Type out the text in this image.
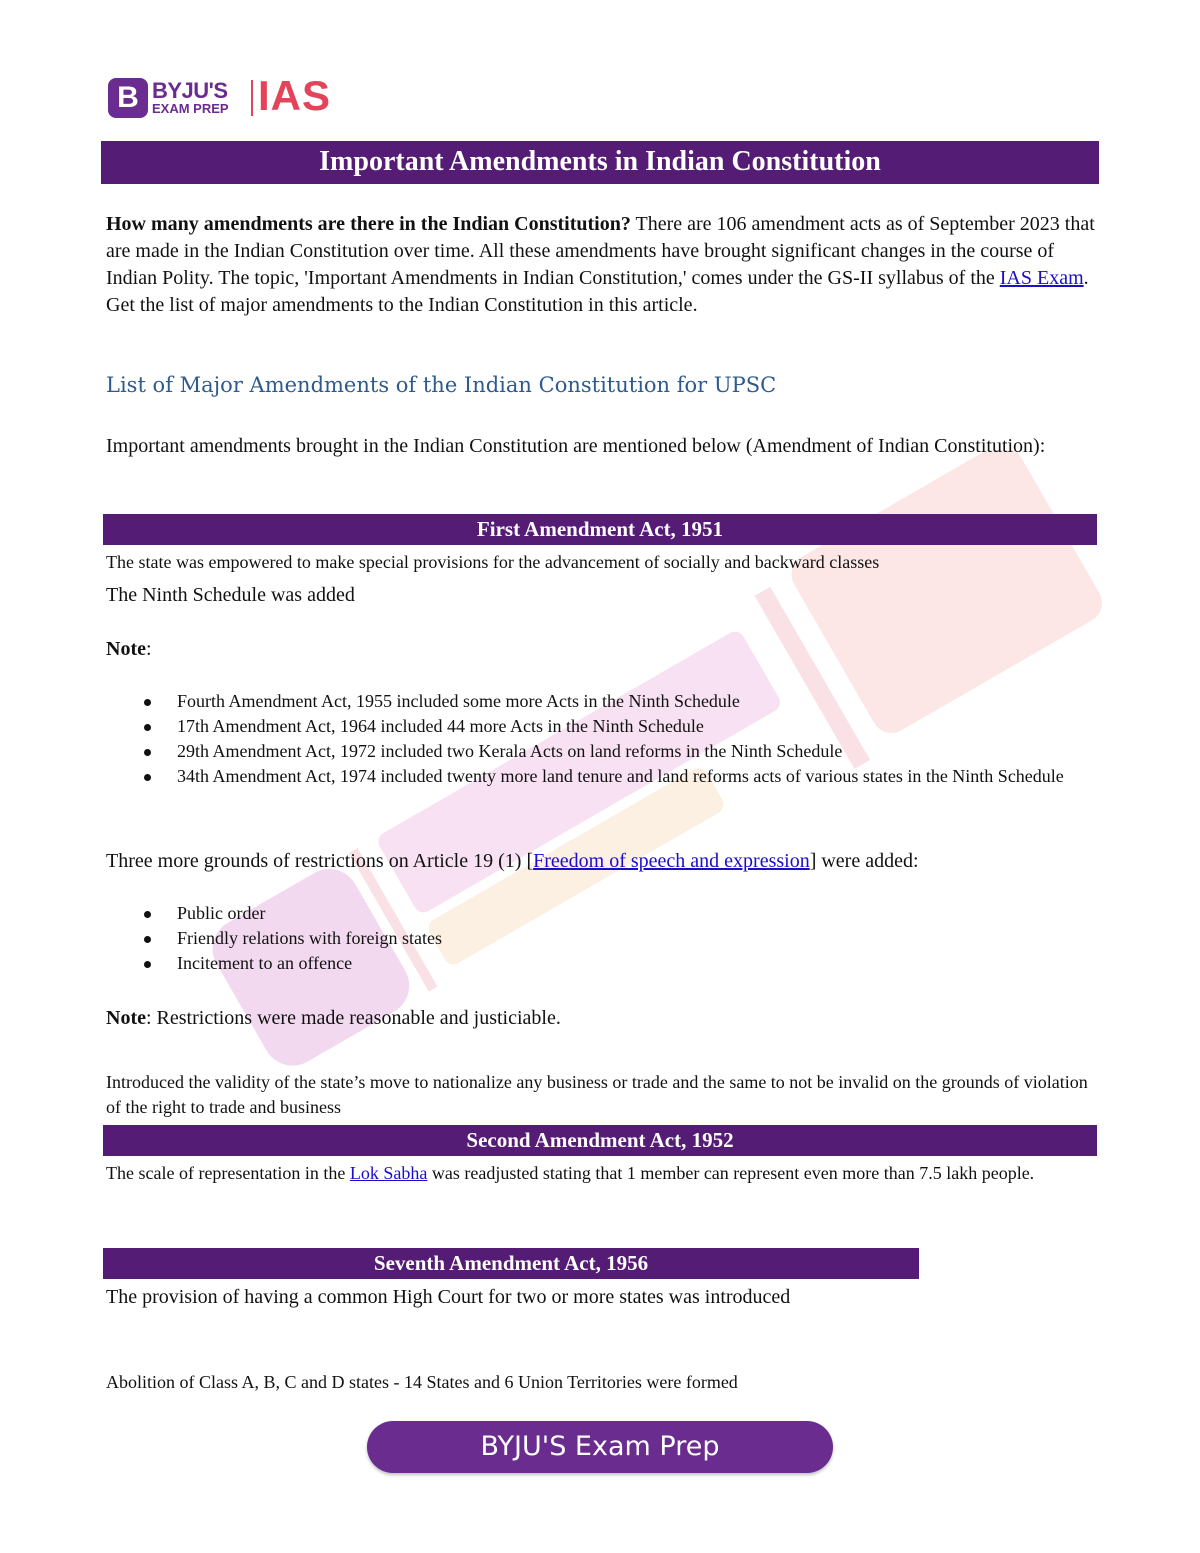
B BYJU'S
EXAM PREP IAS
Important Amendments in Indian Constitution

How many amendments are there in the Indian Constitution? There are 106 amendment acts as of September 2023 that are made in the Indian Constitution over time. All these amendments have brought significant changes in the course of Indian Polity. The topic, 'Important Amendments in Indian Constitution,' comes under the GS-II syllabus of the IAS Exam. Get the list of major amendments to the Indian Constitution in this article.

List of Major Amendments of the Indian Constitution for UPSC

Important amendments brought in the Indian Constitution are mentioned below (Amendment of Indian Constitution):

First Amendment Act, 1951

The state was empowered to make special provisions for the advancement of socially and backward classes

The Ninth Schedule was added

Note:

Fourth Amendment Act, 1955 included some more Acts in the Ninth Schedule
17th Amendment Act, 1964 included 44 more Acts in the Ninth Schedule
29th Amendment Act, 1972 included two Kerala Acts on land reforms in the Ninth Schedule
34th Amendment Act, 1974 included twenty more land tenure and land reforms acts of various states in the Ninth Schedule

Three more grounds of restrictions on Article 19 (1) [Freedom of speech and expression] were added:

Public order
Friendly relations with foreign states
Incitement to an offence

Note: Restrictions were made reasonable and justiciable.

Introduced the validity of the state’s move to nationalize any business or trade and the same to not be invalid on the grounds of violation of the right to trade and business

Second Amendment Act, 1952

The scale of representation in the Lok Sabha was readjusted stating that 1 member can represent even more than 7.5 lakh people.

Seventh Amendment Act, 1956

The provision of having a common High Court for two or more states was introduced

Abolition of Class A, B, C and D states - 14 States and 6 Union Territories were formed

BYJU'S Exam Prep
